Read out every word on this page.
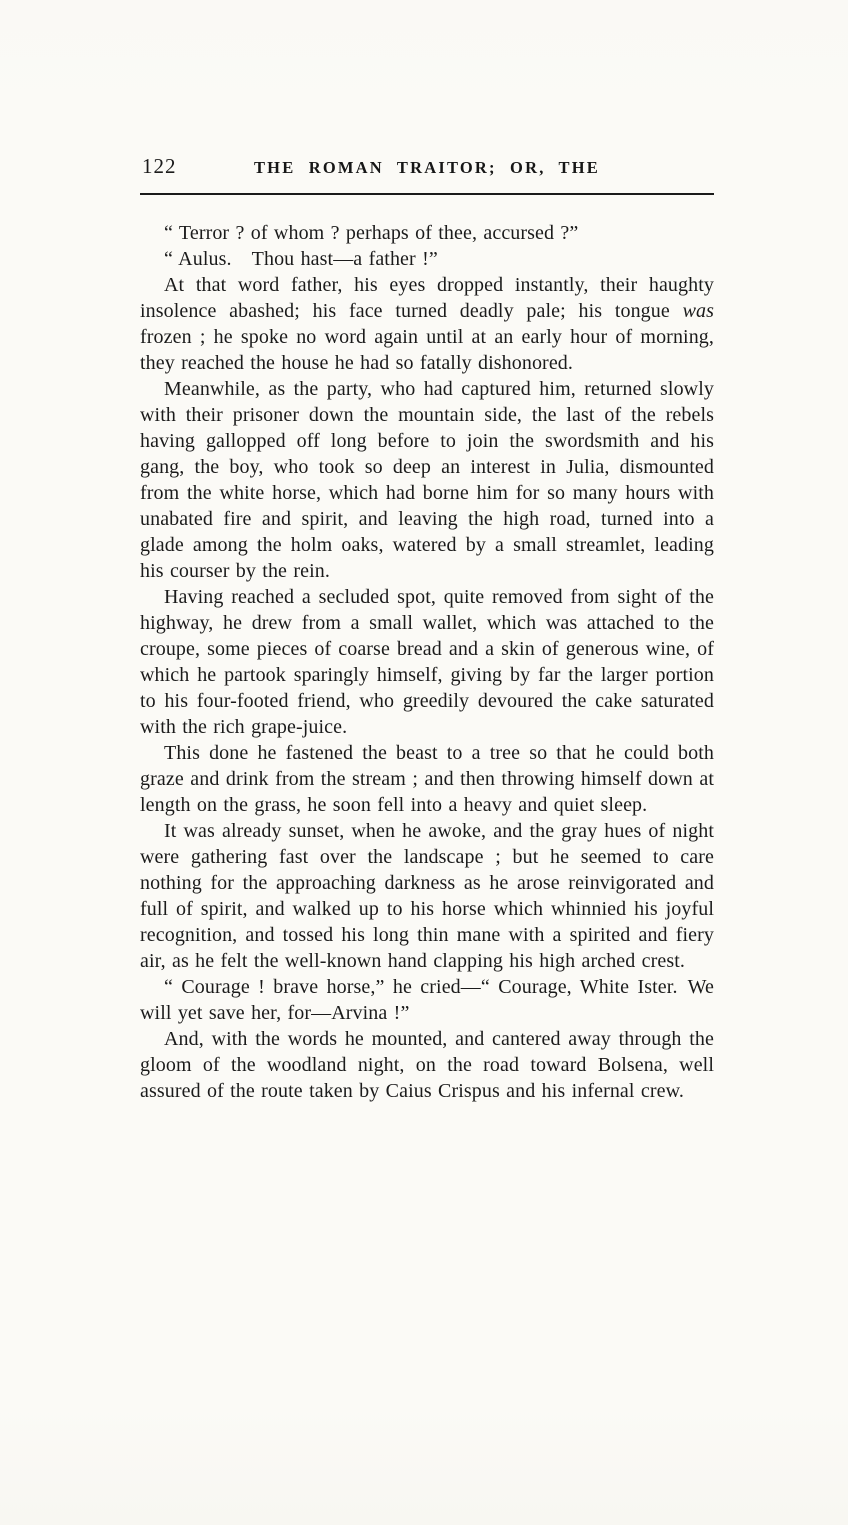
122	THE ROMAN TRAITOR; OR, THE

“ Terror ? of whom ? perhaps of thee, accursed ?”

“ Aulus. Thou hast—a father !”

At that word father, his eyes dropped instantly, their haughty insolence abashed; his face turned deadly pale; his tongue was frozen ; he spoke no word again until at an early hour of morning, they reached the house he had so fatally dishonored.

Meanwhile, as the party, who had captured him, returned slowly with their prisoner down the mountain side, the last of the rebels having gallopped off long before to join the swordsmith and his gang, the boy, who took so deep an interest in Julia, dismounted from the white horse, which had borne him for so many hours with unabated fire and spirit, and leaving the high road, turned into a glade among the holm oaks, watered by a small streamlet, leading his courser by the rein.

Having reached a secluded spot, quite removed from sight of the highway, he drew from a small wallet, which was attached to the croupe, some pieces of coarse bread and a skin of generous wine, of which he partook sparingly himself, giving by far the larger portion to his four-footed friend, who greedily devoured the cake saturated with the rich grape-juice.

This done he fastened the beast to a tree so that he could both graze and drink from the stream ; and then throwing himself down at length on the grass, he soon fell into a heavy and quiet sleep.

It was already sunset, when he awoke, and the gray hues of night were gathering fast over the landscape ; but he seemed to care nothing for the approaching darkness as he arose reinvigorated and full of spirit, and walked up to his horse which whinnied his joyful recognition, and tossed his long thin mane with a spirited and fiery air, as he felt the well-known hand clapping his high arched crest.

“ Courage ! brave horse,” he cried—“ Courage, White Ister. We will yet save her, for—Arvina !”

And, with the words he mounted, and cantered away through the gloom of the woodland night, on the road toward Bolsena, well assured of the route taken by Caius Crispus and his infernal crew.
